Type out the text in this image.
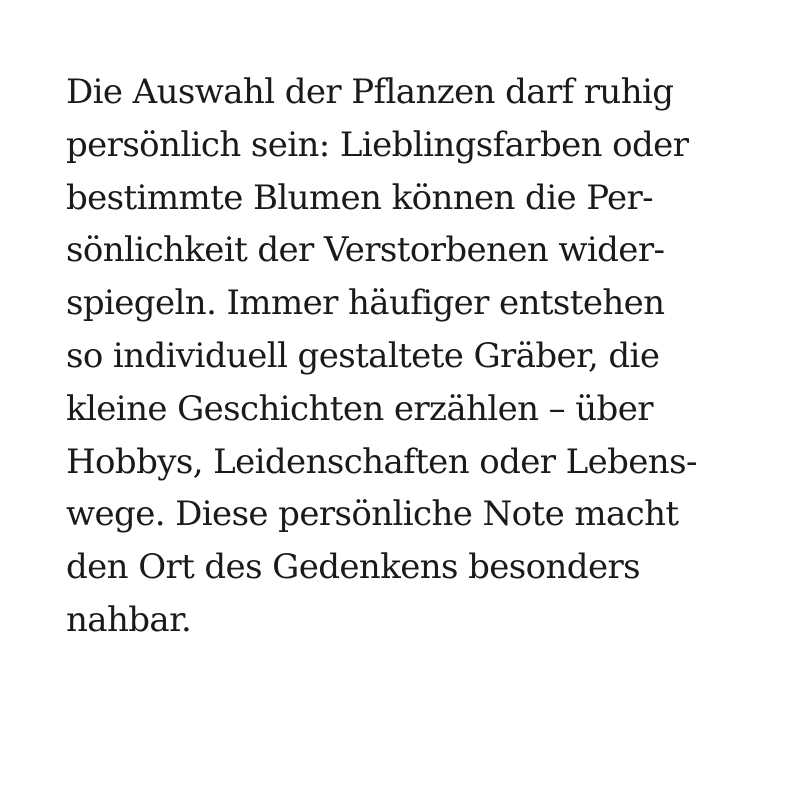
Die Auswahl der Pflanzen darf ruhig
persönlich sein: Lieblingsfarben oder
bestimmte Blumen können die Per-
sönlichkeit der Verstorbenen wider-
spiegeln. Immer häufiger entstehen
so individuell gestaltete Gräber, die
kleine Geschichten erzählen – über
Hobbys, Leidenschaften oder Lebens-
wege. Diese persönliche Note macht
den Ort des Gedenkens besonders
nahbar.
